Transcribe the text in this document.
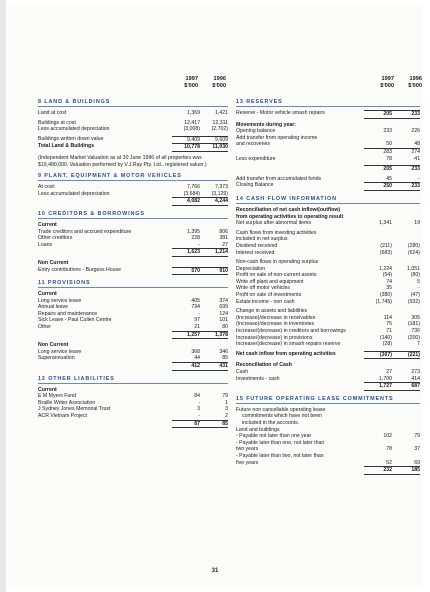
1997	1996
$'000	$'000
1997	1996
$'000	$'000
8 LAND & BUILDINGS
Land at cost	1,369	1,421
Buildings at cost	12,417	12,311
Less accumulated depreciation	(3,008)	(2,702)
Buildings written down value	9,409	9,609
Total Land & Buildings	10,778	11,030
(Independent Market Valuation as at 30 June 1996 of all properties was $19,480,000. Valuation performed by V.J.Ray Pty. Ltd., registered valuer.)
9 PLANT, EQUIPMENT & MOTOR VEHICLES
At cost:	7,766	7,373
Less accumulated depreciation	(3,684)	(3,129)
4,082	4,244
10 CREDITORS & BORROWINGS
Current
Trade creditors and accrued expenditure	1,395	806
Other creditors	228	381
Loans	-	27
1,623	1,214
Non Current
Entry contributions - Burgess House	570	910
11 PROVISIONS
Current
Long service leave	405	374
Annual leave	734	699
Repairs and maintenance	-	124
Sick Leave - Paul Cullen Centre	97	101
Other	21	80
1,257	1,378
Non Current
Long service leave	368	346
Superannuation	44	85
412	431
12 OTHER LIABILITIES
Current
E M Myers Fund	84	79
Braille Writer Association	-	1
J Sydney Jones Memorial Trust	3	3
ACR Vietnam Project	-	2
87	85
13 RESERVES
Reserve - Motor vehicle smash repairs	205	233
Movements during year:
Opening balance	233	226
Add transfer from operating income
and recoveries	50	48
283	274
Less expenditure	78	41
205	233
Add transfer from accumulated funds	45	-
Closing Balance	250	233
14 CASH FLOW INFORMATION
Reconciliation of net cash inflow/(outflow)
from operating activities to operating result
Net surplus after abnormal items	1,341	19
Cash flows from investing activities
included in net surplus
Dividend received	(211)	(280)
Interest received	(683)	(624)
Non-cash flows in operating surplus
Depreciation	1,224	1,051
Profit on sale of non-current assets	(54)	(80)
Write off plant and equipment	74	5
Write off motor vehicles	35	-
Profit on sale of investments	(380)	(47)
Estate income - non cash	(1,745)	(932)
Change in assets and liabilities
(Increase)/decrease in receivables	114	305
(Increase)/decrease in inventories	75	(181)
Increase/(decrease) in creditors and borrowings	71	736
Increase/(decrease) in provisions	(140)	(200)
Increase/(decrease) in smash repairs reserve	(28)	7
Net cash inflow from operating activities	(307)	(221)
Reconciliation of Cash
Cash	27	273
Investments - cash	1,700	414
1,727	687
15 FUTURE OPERATING LEASE COMMITMENTS
Future non cancellable operating lease
commitments which have not been
included in the accounts.
Land and buildings
- Payable not later than one year	102	79
- Payable later than one, not later than
two years	78	37
- Payable later than two, not later than
five years	52	69
232	185
31
